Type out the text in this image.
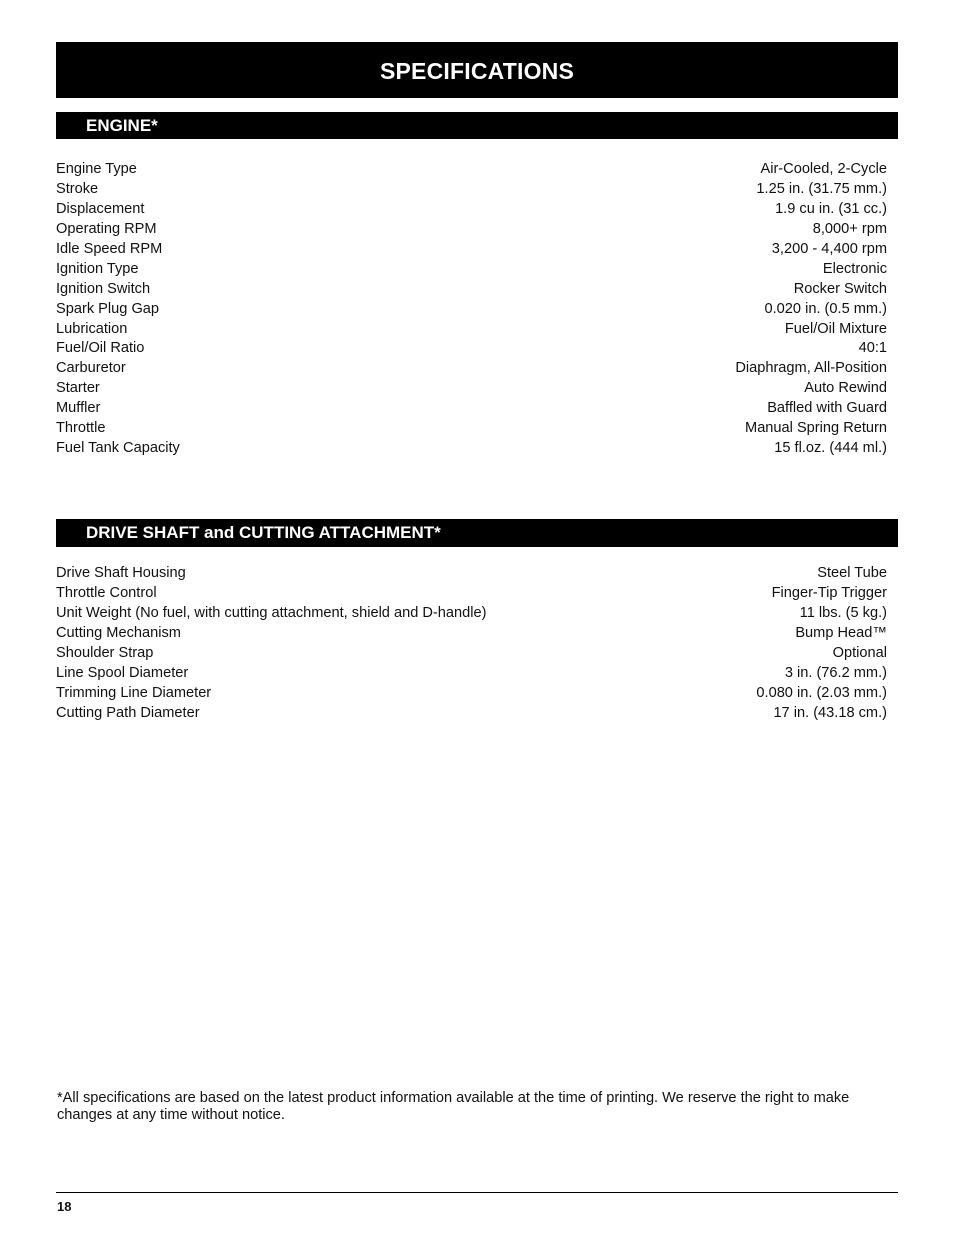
SPECIFICATIONS
ENGINE*
Engine Type	Air-Cooled, 2-Cycle
Stroke	1.25 in. (31.75 mm.)
Displacement	1.9 cu in. (31 cc.)
Operating RPM	8,000+ rpm
Idle Speed RPM	3,200 - 4,400 rpm
Ignition Type	Electronic
Ignition Switch	Rocker Switch
Spark Plug Gap	0.020 in. (0.5 mm.)
Lubrication	Fuel/Oil Mixture
Fuel/Oil Ratio	40:1
Carburetor	Diaphragm, All-Position
Starter	Auto Rewind
Muffler	Baffled with Guard
Throttle	Manual Spring Return
Fuel Tank Capacity	15 fl.oz. (444 ml.)
DRIVE SHAFT and CUTTING ATTACHMENT*
Drive Shaft Housing	Steel Tube
Throttle Control	Finger-Tip Trigger
Unit Weight (No fuel, with cutting attachment, shield and D-handle)	11 lbs. (5 kg.)
Cutting Mechanism	Bump Head™
Shoulder Strap	Optional
Line Spool Diameter	3 in. (76.2 mm.)
Trimming Line Diameter	0.080 in. (2.03 mm.)
Cutting Path Diameter	17 in. (43.18 cm.)

*All specifications are based on the latest product information available at the time of printing. We reserve the right to make changes at any time without notice.

18
